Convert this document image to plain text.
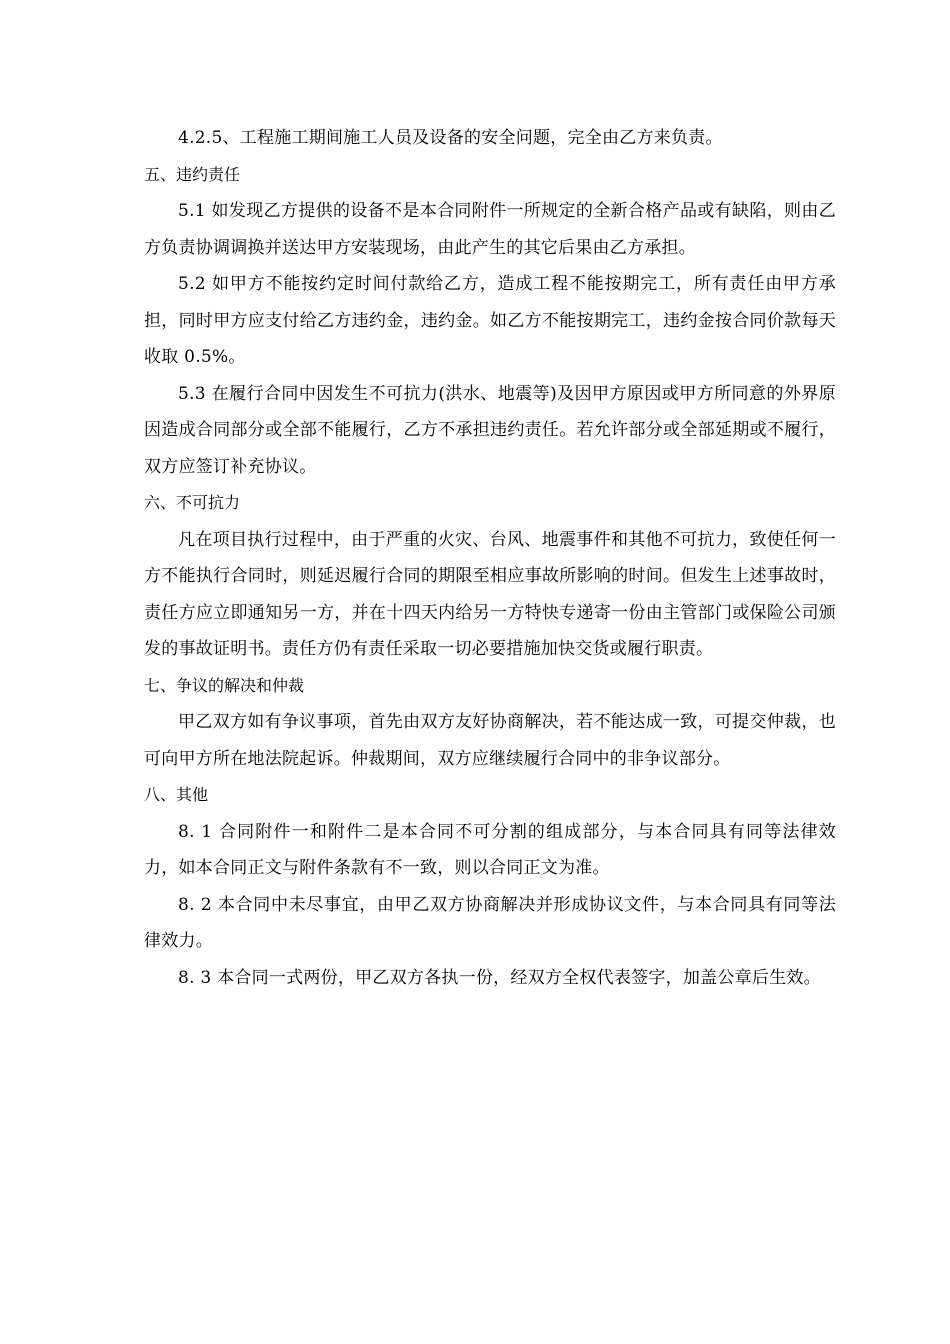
4.2.5、工程施工期间施工人员及设备的安全问题，完全由乙方来负责。

五、违约责任

5.1 如发现乙方提供的设备不是本合同附件一所规定的全新合格产品或有缺陷，则由乙方负责协调调换并送达甲方安装现场，由此产生的其它后果由乙方承担。

5.2 如甲方不能按约定时间付款给乙方，造成工程不能按期完工，所有责任由甲方承担，同时甲方应支付给乙方违约金，违约金。如乙方不能按期完工，违约金按合同价款每天收取 0.5%。

5.3 在履行合同中因发生不可抗力(洪水、地震等)及因甲方原因或甲方所同意的外界原因造成合同部分或全部不能履行，乙方不承担违约责任。若允许部分或全部延期或不履行，双方应签订补充协议。

六、不可抗力

凡在项目执行过程中，由于严重的火灾、台风、地震事件和其他不可抗力，致使任何一方不能执行合同时，则延迟履行合同的期限至相应事故所影响的时间。但发生上述事故时，责任方应立即通知另一方，并在十四天内给另一方特快专递寄一份由主管部门或保险公司颁发的事故证明书。责任方仍有责任采取一切必要措施加快交货或履行职责。

七、争议的解决和仲裁

甲乙双方如有争议事项，首先由双方友好协商解决，若不能达成一致，可提交仲裁，也可向甲方所在地法院起诉。仲裁期间，双方应继续履行合同中的非争议部分。

八、其他

8. 1 合同附件一和附件二是本合同不可分割的组成部分，与本合同具有同等法律效力，如本合同正文与附件条款有不一致，则以合同正文为准。

8. 2 本合同中未尽事宜，由甲乙双方协商解决并形成协议文件，与本合同具有同等法律效力。

8. 3 本合同一式两份，甲乙双方各执一份，经双方全权代表签字，加盖公章后生效。
